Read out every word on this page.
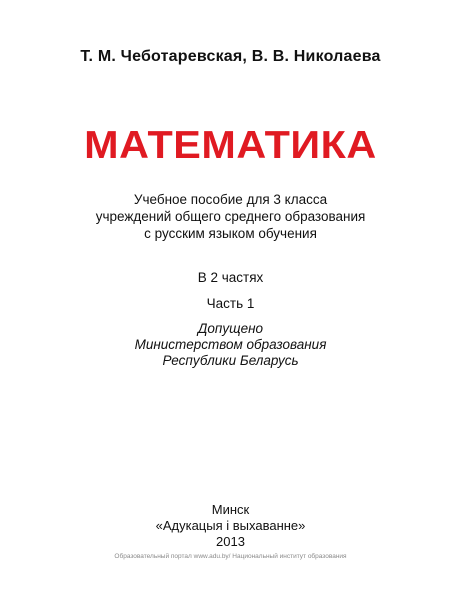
Т. М. Чеботаревская, В. В. Николаева
МАТЕМАТИКА
Учебное пособие для 3 класса
учреждений общего среднего образования
с русским языком обучения
В 2 частях
Часть 1
Допущено
Министерством образования
Республики Беларусь
Минск
«Адукацыя і выхаванне»
2013
Образовательный портал www.adu.by/ Национальный институт образования
